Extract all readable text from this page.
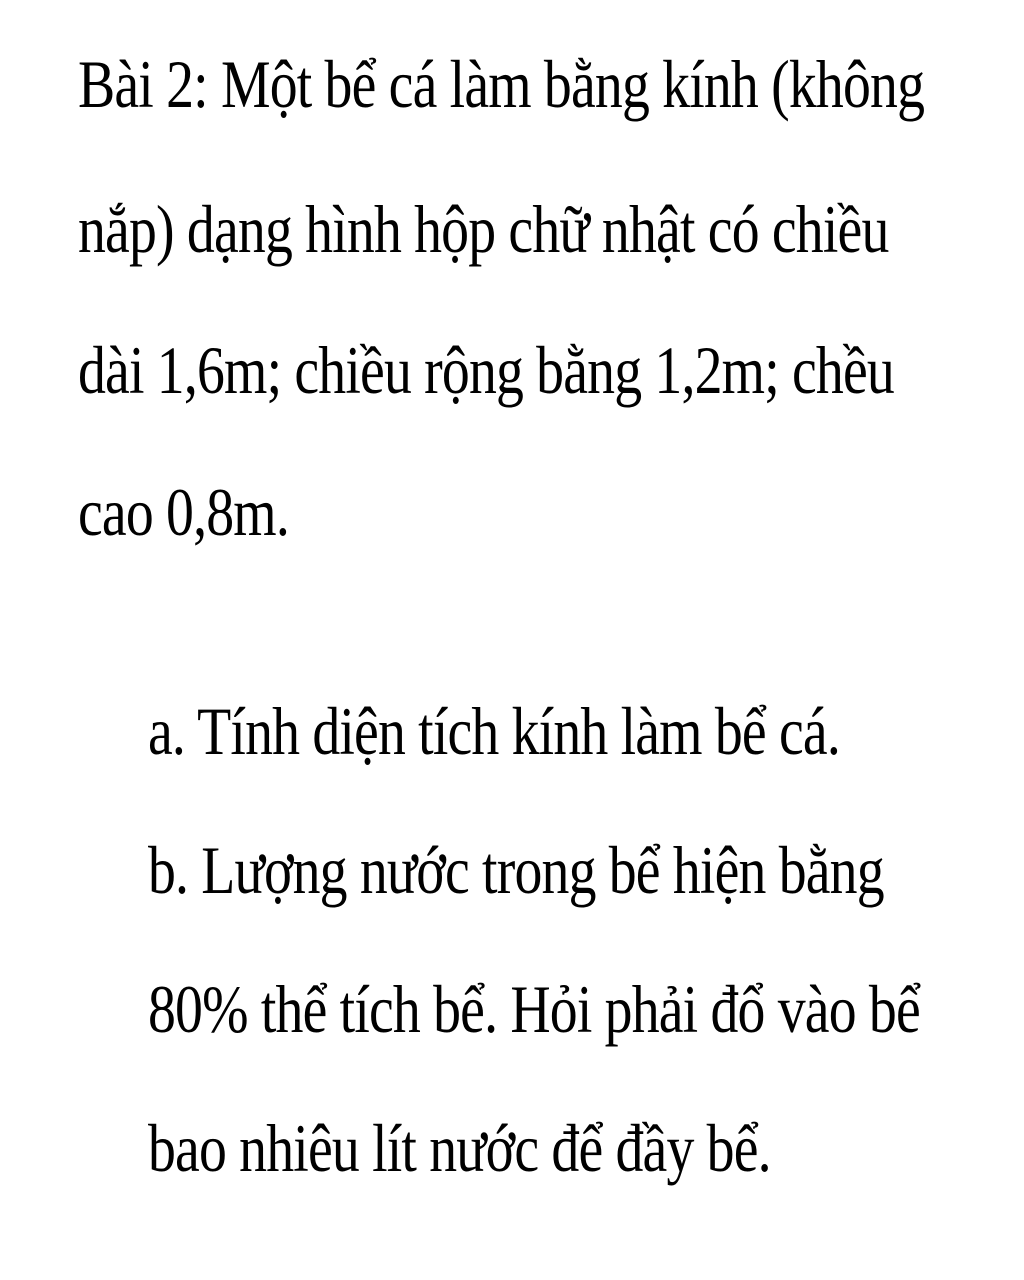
Bài 2: Một bể cá làm bằng kính (không
nắp) dạng hình hộp chữ nhật có chiều
dài 1,6m; chiều rộng bằng 1,2m; chều
cao 0,8m.
a. Tính diện tích kính làm bể cá.
b. Lượng nước trong bể hiện bằng
80% thể tích bể. Hỏi phải đổ vào bể
bao nhiêu lít nước để đầy bể.
